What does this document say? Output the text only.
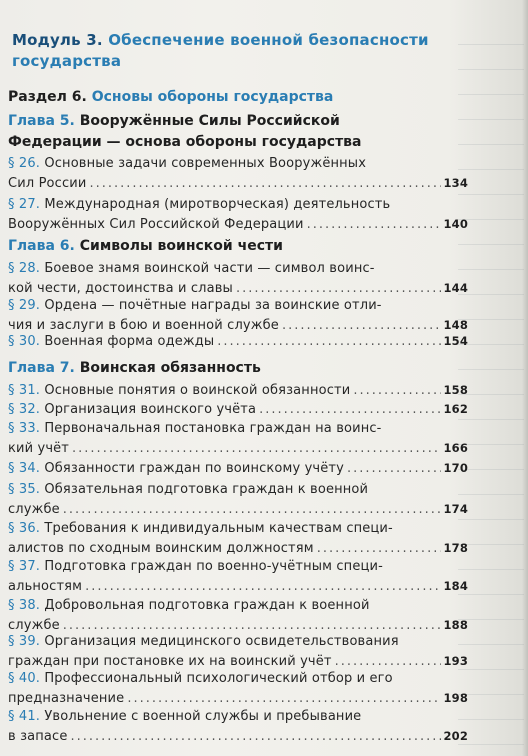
Модуль 3. Обеспечение военной безопасности государства
Раздел 6. Основы обороны государства
Глава 5. Вооружённые Силы Российской
Федерации — основа обороны государства
§ 26. Основные задачи современных Вооружённых
Сил России .....	134
§ 27. Международная (миротворческая) деятельность
Вооружённых Сил Российской Федерации .....	140
Глава 6. Символы воинской чести
§ 28. Боевое знамя воинской части — символ воинс-
кой чести, достоинства и славы .....	144
§ 29. Ордена — почётные награды за воинские отли-
чия и заслуги в бою и военной службе .....	148
§ 30. Военная форма одежды .....	154
Глава 7. Воинская обязанность
§ 31. Основные понятия о воинской обязанности .....	158
§ 32. Организация воинского учёта .....	162
§ 33. Первоначальная постановка граждан на воинс-
кий учёт .....	166
§ 34. Обязанности граждан по воинскому учёту .....	170
§ 35. Обязательная подготовка граждан к военной
службе .....	174
§ 36. Требования к индивидуальным качествам специ-
алистов по сходным воинским должностям .....	178
§ 37. Подготовка граждан по военно-учётным специ-
альностям .....	184
§ 38. Добровольная подготовка граждан к военной
службе .....	188
§ 39. Организация медицинского освидетельствования
граждан при постановке их на воинский учёт .....	193
§ 40. Профессиональный психологический отбор и его
предназначение .....	198
§ 41. Увольнение с военной службы и пребывание
в запасе .....	202
